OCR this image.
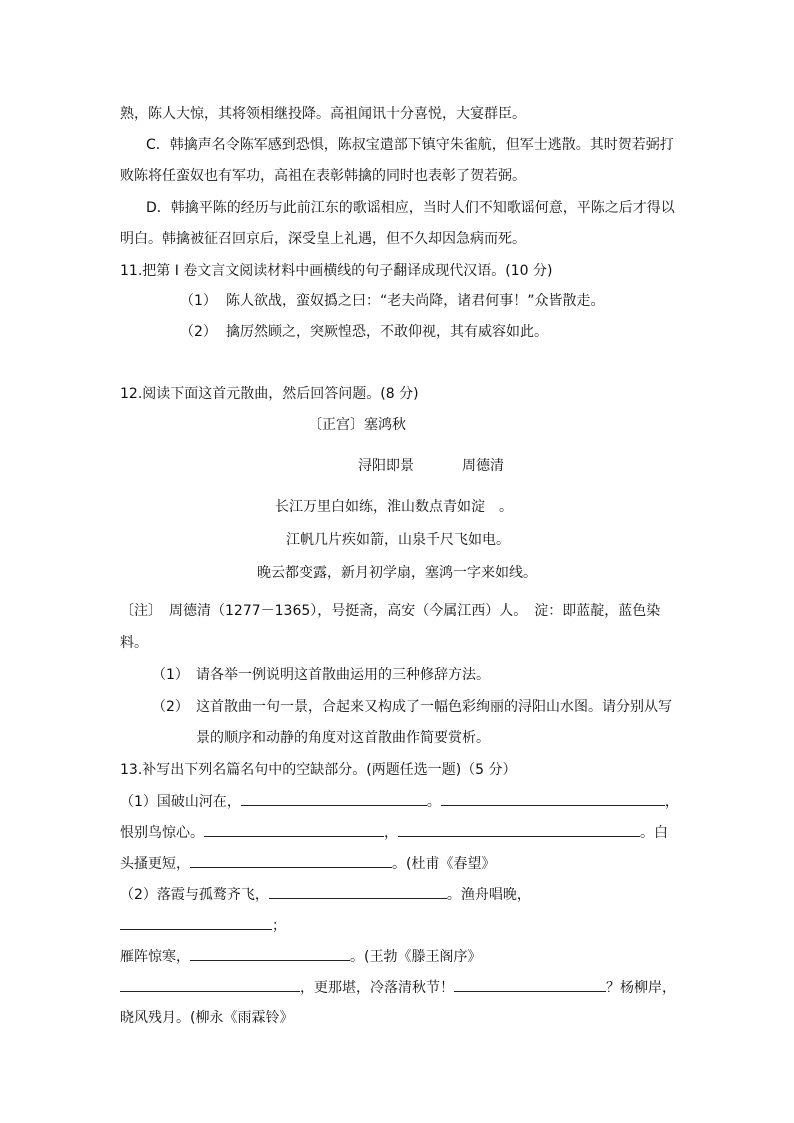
熟，陈人大惊，其将领相继投降。高祖闻讯十分喜悦，大宴群臣。
C．韩擒声名令陈军感到恐惧，陈叔宝遣部下镇守朱雀航，但军士逃散。其时贺若弼打
败陈将任蛮奴也有军功，高祖在表彰韩擒的同时也表彰了贺若弼。
D．韩擒平陈的经历与此前江东的歌谣相应，当时人们不知歌谣何意，平陈之后才得以
明白。韩擒被征召回京后，深受皇上礼遇，但不久却因急病而死。
11.把第 I 卷文言文阅读材料中画横线的句子翻译成现代汉语。(10 分)
（1） 陈人欲战，蛮奴撝之曰：“老夫尚降，诸君何事！”众皆散走。
（2） 擒厉然顾之，突厥惶恐，不敢仰视，其有威容如此。
12.阅读下面这首元散曲，然后回答问题。(8 分)
〔正宫〕塞鸿秋
浔阳即景	周德清
长江万里白如练，淮山数点青如淀　。
江帆几片疾如箭，山泉千尺飞如电。
晚云都变露，新月初学扇，塞鸿一字来如线。
〔注〕　周德清（1277－1365），号挺斋，高安（今属江西）人。　淀：即蓝靛，蓝色染
料。
（1） 请各举一例说明这首散曲运用的三种修辞方法。
（2） 这首散曲一句一景，合起来又构成了一幅色彩绚丽的浔阳山水图。请分别从写
景的顺序和动静的角度对这首散曲作简要赏析。
13.补写出下列名篇名句中的空缺部分。(两题任选一题)（5 分）
（1）国破山河在，	。	，
恨别鸟惊心。	，	。白
头搔更短，	。(杜甫《春望》
（2）落霞与孤鹜齐飞，	。渔舟唱晚，
；
雁阵惊寒，	。(王勃《滕王阁序》
，更那堪，冷落清秋节！	？杨柳岸，
晓风残月。(柳永《雨霖铃》
